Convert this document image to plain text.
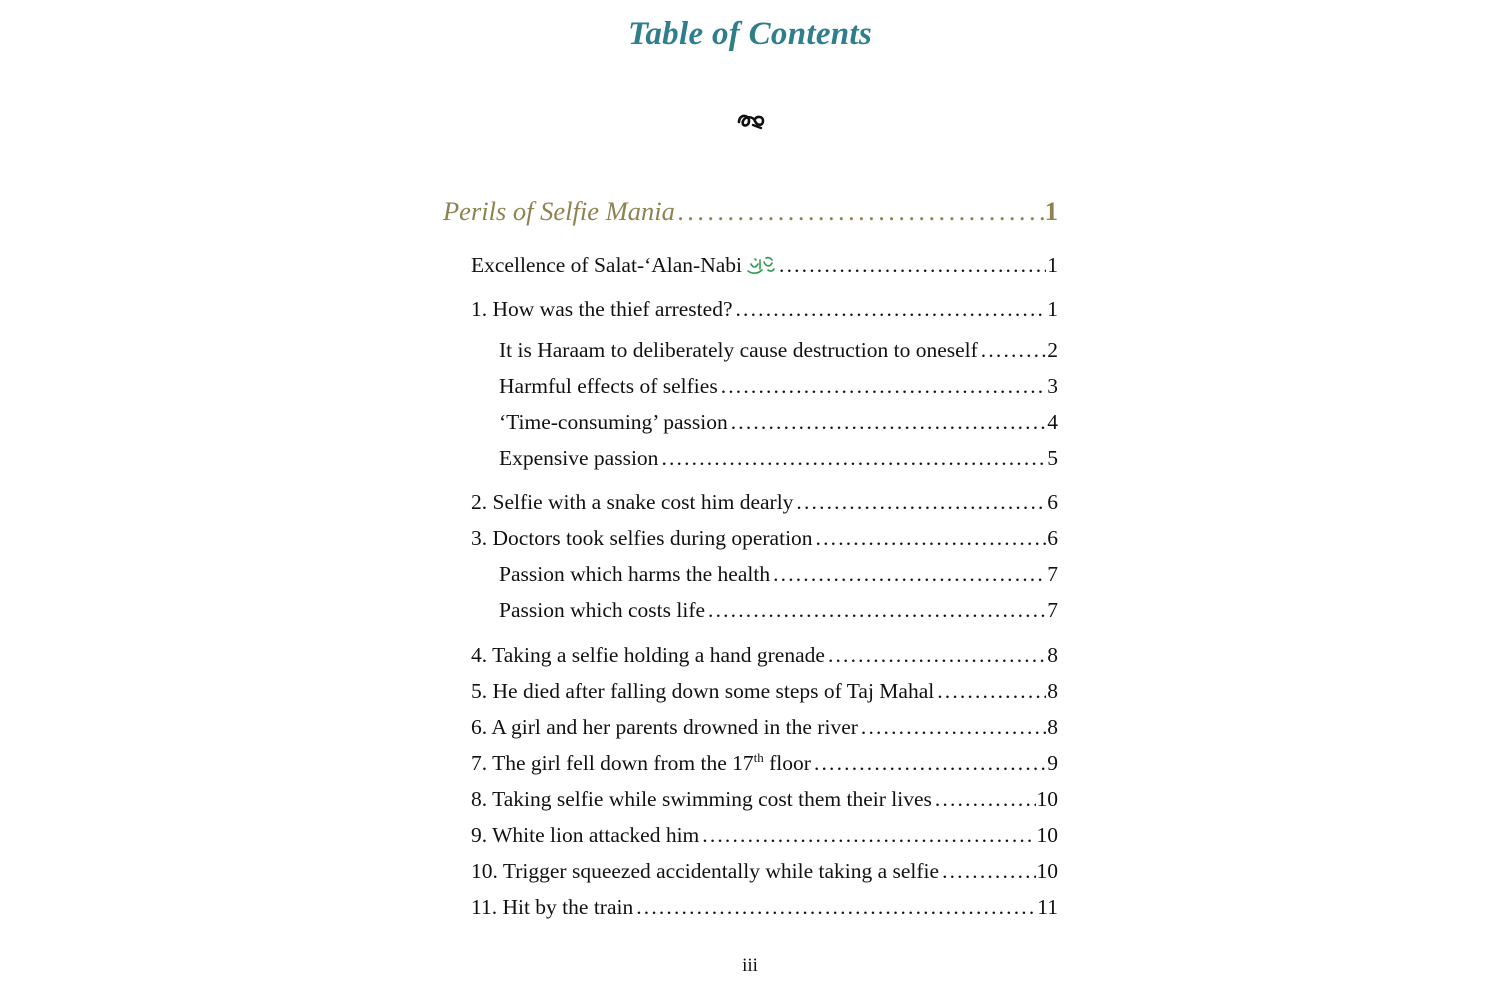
Table of Contents
Perils of Selfie Mania . . .	1
Excellence of Salat-‘Alan-Nabi . . .	1
1. How was the thief arrested? . . .	1
It is Haraam to deliberately cause destruction to oneself . . .	2
Harmful effects of selfies . . .	3
‘Time-consuming’ passion . . .	4
Expensive passion . . .	5
2. Selfie with a snake cost him dearly . . .	6
3. Doctors took selfies during operation . . .	6
Passion which harms the health . . .	7
Passion which costs life . . .	7
4. Taking a selfie holding a hand grenade . . .	8
5. He died after falling down some steps of Taj Mahal . . .	8
6. A girl and her parents drowned in the river . . .	8
7. The girl fell down from the 17th floor . . .	9
8. Taking selfie while swimming cost them their lives . . .	10
9. White lion attacked him . . .	10
10. Trigger squeezed accidentally while taking a selfie . . .	10
11. Hit by the train . . .	11
iii
